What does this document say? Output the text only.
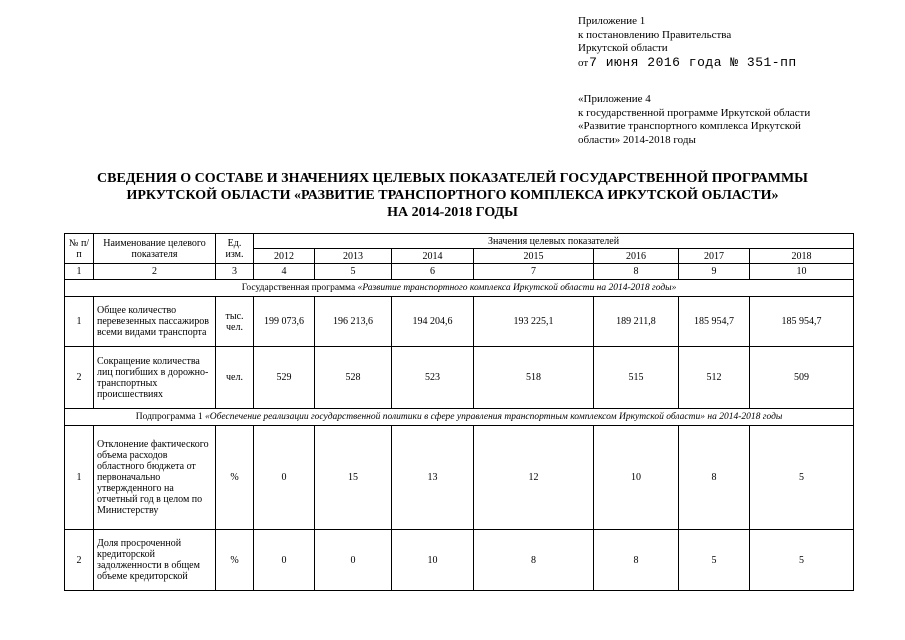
Приложение 1
к постановлению Правительства
Иркутской области
от 7 июня 2016 года № 351-пп
«Приложение 4
к государственной программе Иркутской области
«Развитие транспортного комплекса Иркутской
области» 2014-2018 годы
СВЕДЕНИЯ О СОСТАВЕ И ЗНАЧЕНИЯХ ЦЕЛЕВЫХ ПОКАЗАТЕЛЕЙ ГОСУДАРСТВЕННОЙ ПРОГРАММЫ
ИРКУТСКОЙ ОБЛАСТИ «РАЗВИТИЕ ТРАНСПОРТНОГО КОМПЛЕКСА ИРКУТСКОЙ ОБЛАСТИ»
НА 2014-2018 ГОДЫ
№ п/п	Наименование целевого показателя	Ед. изм.	Значения целевых показателей						
			2012	2013	2014	2015	2016	2017	2018
1	2	3	4	5	6	7	8	9	10
Государственная программа «Развитие транспортного комплекса Иркутской области на 2014-2018 годы»									
1	Общее количество перевезенных пассажиров всеми видами транспорта	тыс. чел.	199 073,6	196 213,6	194 204,6	193 225,1	189 211,8	185 954,7	185 954,7
2	Сокращение количества лиц погибших в дорожно-транспортных происшествиях	чел.	529	528	523	518	515	512	509
Подпрограмма 1 «Обеспечение реализации государственной политики в сфере управления транспортным комплексом Иркутской области» на 2014-2018 годы									
1	Отклонение фактического объема расходов областного бюджета от первоначально утвержденного на отчетный год в целом по Министерству	%	0	15	13	12	10	8	5
2	Доля просроченной кредиторской задолженности в общем объеме кредиторской	%	0	0	10	8	8	5	5
